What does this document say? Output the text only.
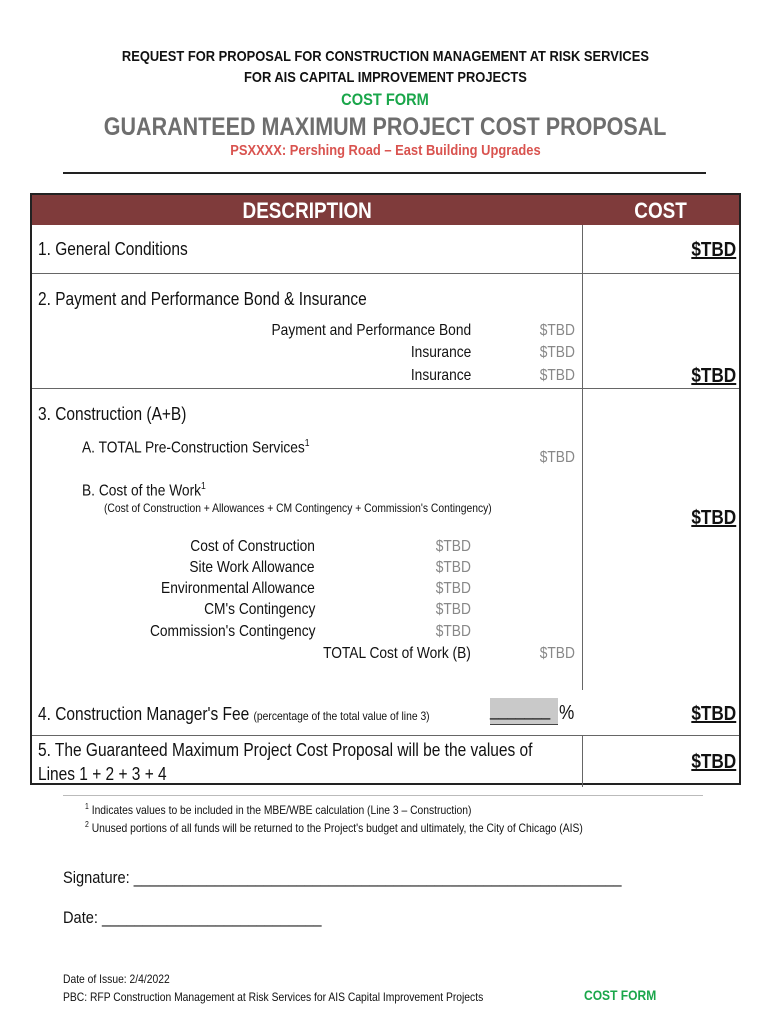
REQUEST FOR PROPOSAL FOR CONSTRUCTION MANAGEMENT AT RISK SERVICES
FOR AIS CAPITAL IMPROVEMENT PROJECTS
COST FORM
GUARANTEED MAXIMUM PROJECT COST PROPOSAL
PSXXXX: Pershing Road – East Building Upgrades
DESCRIPTION	COST
1. General Conditions	$TBD
2. Payment and Performance Bond & Insurance
Payment and Performance Bond	$TBD
Insurance	$TBD
Insurance	$TBD	$TBD
3. Construction (A+B)
A. TOTAL Pre-Construction Services$^1$
$TBD
B. Cost of the Work$^1$
(Cost of Construction + Allowances + CM Contingency + Commission's Contingency)	$TBD
Cost of Construction	$TBD
Site Work Allowance	$TBD
Environmental Allowance	$TBD
CM's Contingency	$TBD
Commission's Contingency	$TBD
TOTAL Cost of Work (B)	$TBD
4. Construction Manager's Fee (percentage of the total value of line 3)	_______ %	$TBD
5. The Guaranteed Maximum Project Cost Proposal will be the values of
Lines 1 + 2 + 3 + 4
$TBD
$^1$ Indicates values to be included in the MBE/WBE calculation (Line 3 – Construction)
$^2$ Unused portions of all funds will be returned to the Project's budget and ultimately, the City of Chicago (AIS)
Signature: ____________________________________________________________
Date: ___________________________
Date of Issue: 2/4/2022
PBC: RFP Construction Management at Risk Services for AIS Capital Improvement Projects	COST FORM
